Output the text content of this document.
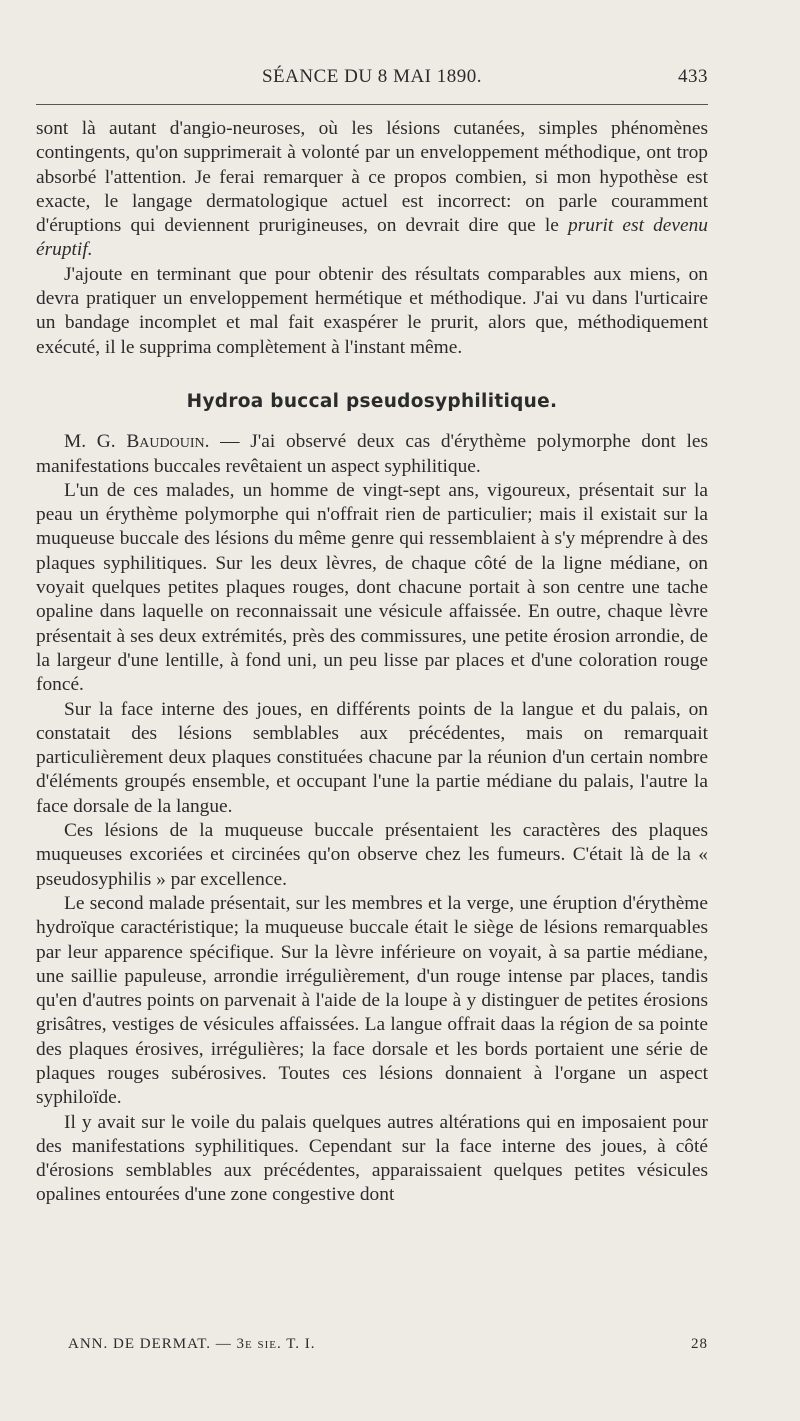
SÉANCE DU 8 MAI 1890.	433

sont là autant d'angio-neuroses, où les lésions cutanées, simples phénomènes contingents, qu'on supprimerait à volonté par un enveloppement méthodique, ont trop absorbé l'attention. Je ferai remarquer à ce propos combien, si mon hypothèse est exacte, le langage dermatologique actuel est incorrect: on parle couramment d'éruptions qui deviennent prurigineuses, on devrait dire que le prurit est devenu éruptif.

J'ajoute en terminant que pour obtenir des résultats comparables aux miens, on devra pratiquer un enveloppement hermétique et méthodique. J'ai vu dans l'urticaire un bandage incomplet et mal fait exaspérer le prurit, alors que, méthodiquement exécuté, il le supprima complètement à l'instant même.

Hydroa buccal pseudosyphilitique.

M. G. Baudouin. — J'ai observé deux cas d'érythème polymorphe dont les manifestations buccales revêtaient un aspect syphilitique.

L'un de ces malades, un homme de vingt-sept ans, vigoureux, présentait sur la peau un érythème polymorphe qui n'offrait rien de particulier; mais il existait sur la muqueuse buccale des lésions du même genre qui ressemblaient à s'y méprendre à des plaques syphilitiques. Sur les deux lèvres, de chaque côté de la ligne médiane, on voyait quelques petites plaques rouges, dont chacune portait à son centre une tache opaline dans laquelle on reconnaissait une vésicule affaissée. En outre, chaque lèvre présentait à ses deux extrémités, près des commissures, une petite érosion arrondie, de la largeur d'une lentille, à fond uni, un peu lisse par places et d'une coloration rouge foncé.

Sur la face interne des joues, en différents points de la langue et du palais, on constatait des lésions semblables aux précédentes, mais on remarquait particulièrement deux plaques constituées chacune par la réunion d'un certain nombre d'éléments groupés ensemble, et occupant l'une la partie médiane du palais, l'autre la face dorsale de la langue.

Ces lésions de la muqueuse buccale présentaient les caractères des plaques muqueuses excoriées et circinées qu'on observe chez les fumeurs. C'était là de la « pseudosyphilis » par excellence.

Le second malade présentait, sur les membres et la verge, une éruption d'érythème hydroïque caractéristique; la muqueuse buccale était le siège de lésions remarquables par leur apparence spécifique. Sur la lèvre inférieure on voyait, à sa partie médiane, une saillie papuleuse, arrondie irrégulièrement, d'un rouge intense par places, tandis qu'en d'autres points on parvenait à l'aide de la loupe à y distinguer de petites érosions grisâtres, vestiges de vésicules affaissées. La langue offrait daas la région de sa pointe des plaques érosives, irrégulières; la face dorsale et les bords portaient une série de plaques rouges subérosives. Toutes ces lésions donnaient à l'organe un aspect syphiloïde.

Il y avait sur le voile du palais quelques autres altérations qui en imposaient pour des manifestations syphilitiques. Cependant sur la face interne des joues, à côté d'érosions semblables aux précédentes, apparaissaient quelques petites vésicules opalines entourées d'une zone congestive dont

ANN. DE DERMAT. — 3e sie. T. I.	28
